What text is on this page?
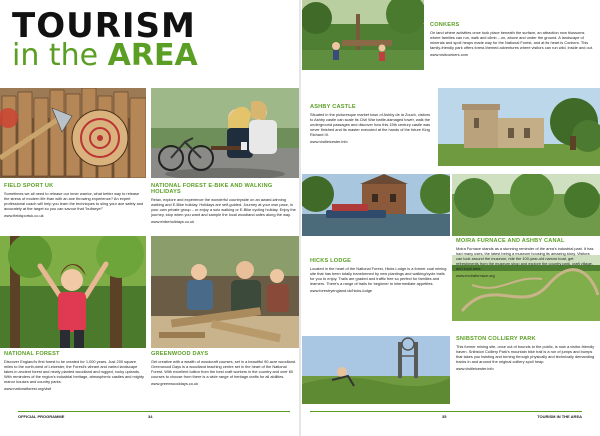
TOURISM
in the AREA
FIELD SPORT UK
Sometimes we all need to release our inner warrior, what better way to release the stress of modern life than with an axe throwing experience? An expert professional coach will help you learn the techniques to sling your axe safely and accurately at the target so you can savour that "bullseye!"
www.fieldsportuk.co.uk
NATIONAL FOREST E-BIKE AND WALKING HOLIDAYS
Relax, explore and experience the wonderful countryside on an award-winning walking and E-Bike holiday. Holidays are self-guided. Journey at your own pace, in your own private group – or enjoy a solo walking or E-Bike cycling holiday. Enjoy the journey, stop when you want and sample the local woodland cafes along the way.
www.ebikeholidays.co.uk
NATIONAL FOREST
Discover England's first forest to be created for 1,000 years. Just 200 square miles to the north-west of Leicester, the Forest's vibrant and varied landscape takes in ancient forest and newly planted woodland and rugged, rocky uplands. With reminders of the region's industrial heritage, atmospheric castles and mighty manor houses and country parks.
www.nationalforest.org/visit
GREENWOOD DAYS
Get creative with a wealth of woodcraft courses, set in a beautiful 90-acre woodland. Greenwood Days is a woodland teaching centre set in the heart of the National Forest. With excellent tuition from the best craft workers in the country and over 60 courses to choose from there is a wide range of heritage crafts for all abilities.
www.greenwooddays.co.uk
CONKERS
On land where activities once took place beneath the surface, an attraction now blossoms where families can run, walk and climb – on, above and under the ground. A landscape of minerals and spoil heaps made way for the National Forest, and at its heart is Conkers. This family-friendly park offers forest-themed adventures where visitors can run wild, inside and out.
www.visitconkers.com
ASHBY CASTLE
Situated in the picturesque market town of Ashby de la Zouch, visitors to Ashby castle can scale its Civil War battle-damaged tower, walk the underground passages and discover how this 15th century castle was never finished and its master executed at the hands of the future King Richard III.
www.visitleicester.info
MOIRA FURNACE AND ASHBY CANAL
Moira Furnace stands as a stunning reminder of the area's industrial past. It has had many uses, the latest being a museum housing its amazing story. Visitors can look around the museum, ride the 100-year-old narrow boat, get refreshments from the museum shop and explore the country park, craft village, and local area.
www.moirafurnace.org
HICKS LODGE
Located in the heart of the National Forest, Hicks Lodge is a former coal mining site that has been totally transformed by new plantings and walking/cycle trails for you to enjoy. Trails are graded and traffic free so perfect for families and learners. There's a range of trails for beginner to intermediate appetites.
www.forestryengland.uk/hicks-lodge
SNIBSTON COLLIERY PARK
This former mining site, once out of bounds to the public, is now a visitor-friendly haven. Snibston Colliery Park's mountain bike trail is a run of jumps and bumps that takes you twisting and turning through physically and technically demanding tracks in and around the original colliery spoil heap.
www.visitleicester.info
OFFICIAL PROGRAMME	34	35	TOURISM IN THE AREA
